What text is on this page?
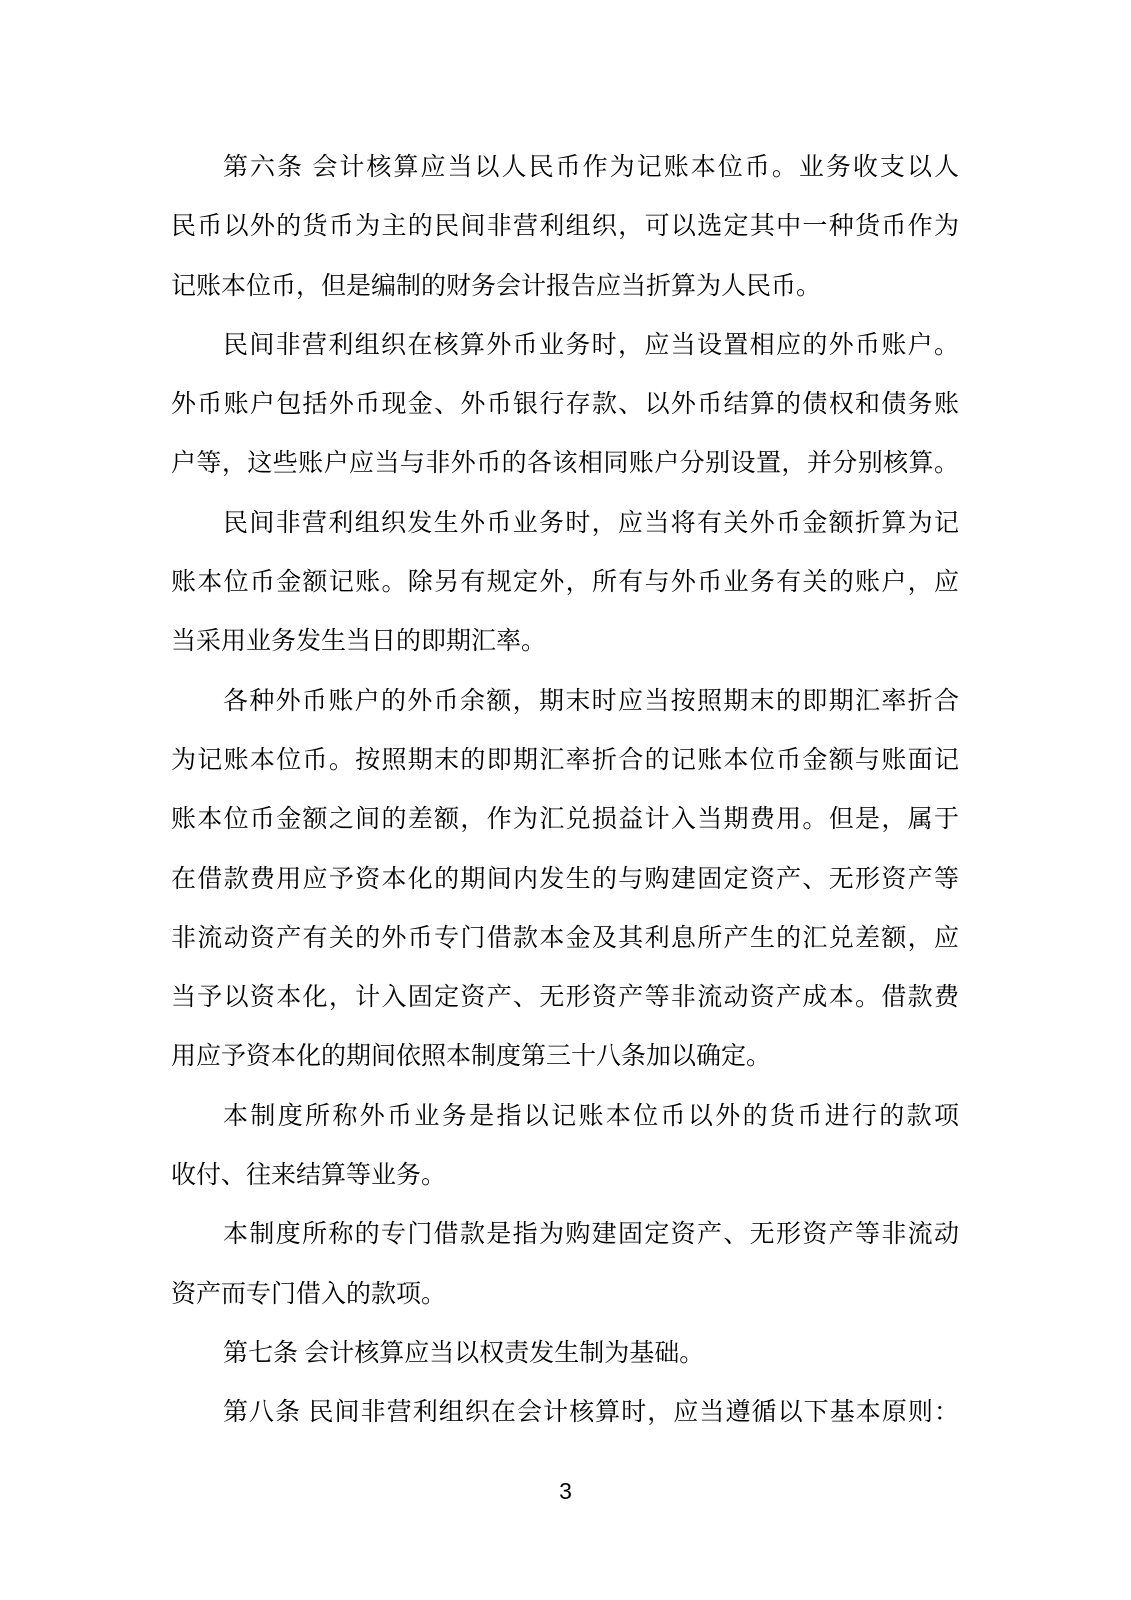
第六条 会计核算应当以人民币作为记账本位币。业务收支以人
民币以外的货币为主的民间非营利组织，可以选定其中一种货币作为
记账本位币，但是编制的财务会计报告应当折算为人民币。
民间非营利组织在核算外币业务时，应当设置相应的外币账户。
外币账户包括外币现金、外币银行存款、以外币结算的债权和债务账
户等，这些账户应当与非外币的各该相同账户分别设置，并分别核算。
民间非营利组织发生外币业务时，应当将有关外币金额折算为记
账本位币金额记账。除另有规定外，所有与外币业务有关的账户，应
当采用业务发生当日的即期汇率。
各种外币账户的外币余额，期末时应当按照期末的即期汇率折合
为记账本位币。按照期末的即期汇率折合的记账本位币金额与账面记
账本位币金额之间的差额，作为汇兑损益计入当期费用。但是，属于
在借款费用应予资本化的期间内发生的与购建固定资产、无形资产等
非流动资产有关的外币专门借款本金及其利息所产生的汇兑差额，应
当予以资本化，计入固定资产、无形资产等非流动资产成本。借款费
用应予资本化的期间依照本制度第三十八条加以确定。
本制度所称外币业务是指以记账本位币以外的货币进行的款项
收付、往来结算等业务。
本制度所称的专门借款是指为购建固定资产、无形资产等非流动
资产而专门借入的款项。
第七条 会计核算应当以权责发生制为基础。
第八条 民间非营利组织在会计核算时，应当遵循以下基本原则：
3
